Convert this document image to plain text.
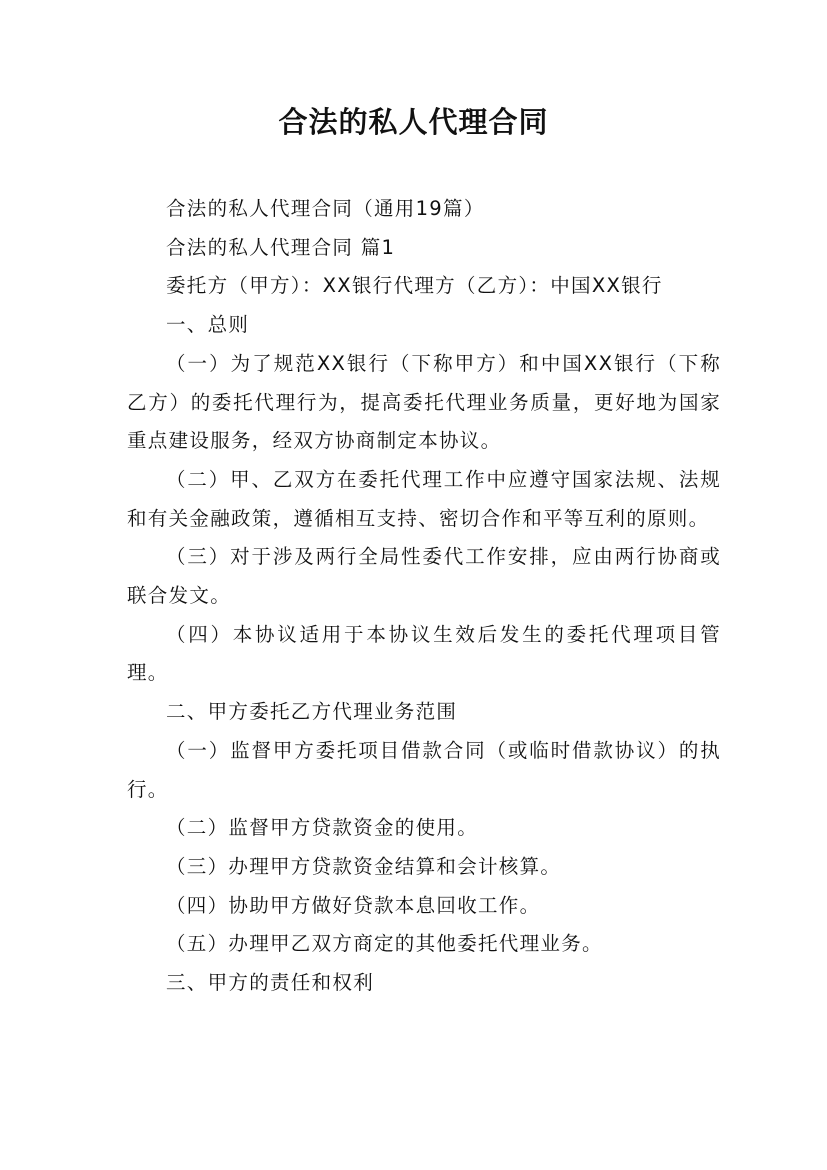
合法的私人代理合同

合法的私人代理合同（通用19篇）

合法的私人代理合同 篇1

委托方（甲方）：XX银行代理方（乙方）：中国XX银行

一、总则

（一）为了规范XX银行（下称甲方）和中国XX银行（下称乙方）的委托代理行为，提高委托代理业务质量，更好地为国家重点建设服务，经双方协商制定本协议。

（二）甲、乙双方在委托代理工作中应遵守国家法规、法规和有关金融政策，遵循相互支持、密切合作和平等互利的原则。

（三）对于涉及两行全局性委代工作安排，应由两行协商或联合发文。

（四）本协议适用于本协议生效后发生的委托代理项目管理。

二、甲方委托乙方代理业务范围

（一）监督甲方委托项目借款合同（或临时借款协议）的执行。

（二）监督甲方贷款资金的使用。

（三）办理甲方贷款资金结算和会计核算。

（四）协助甲方做好贷款本息回收工作。

（五）办理甲乙双方商定的其他委托代理业务。

三、甲方的责任和权利
